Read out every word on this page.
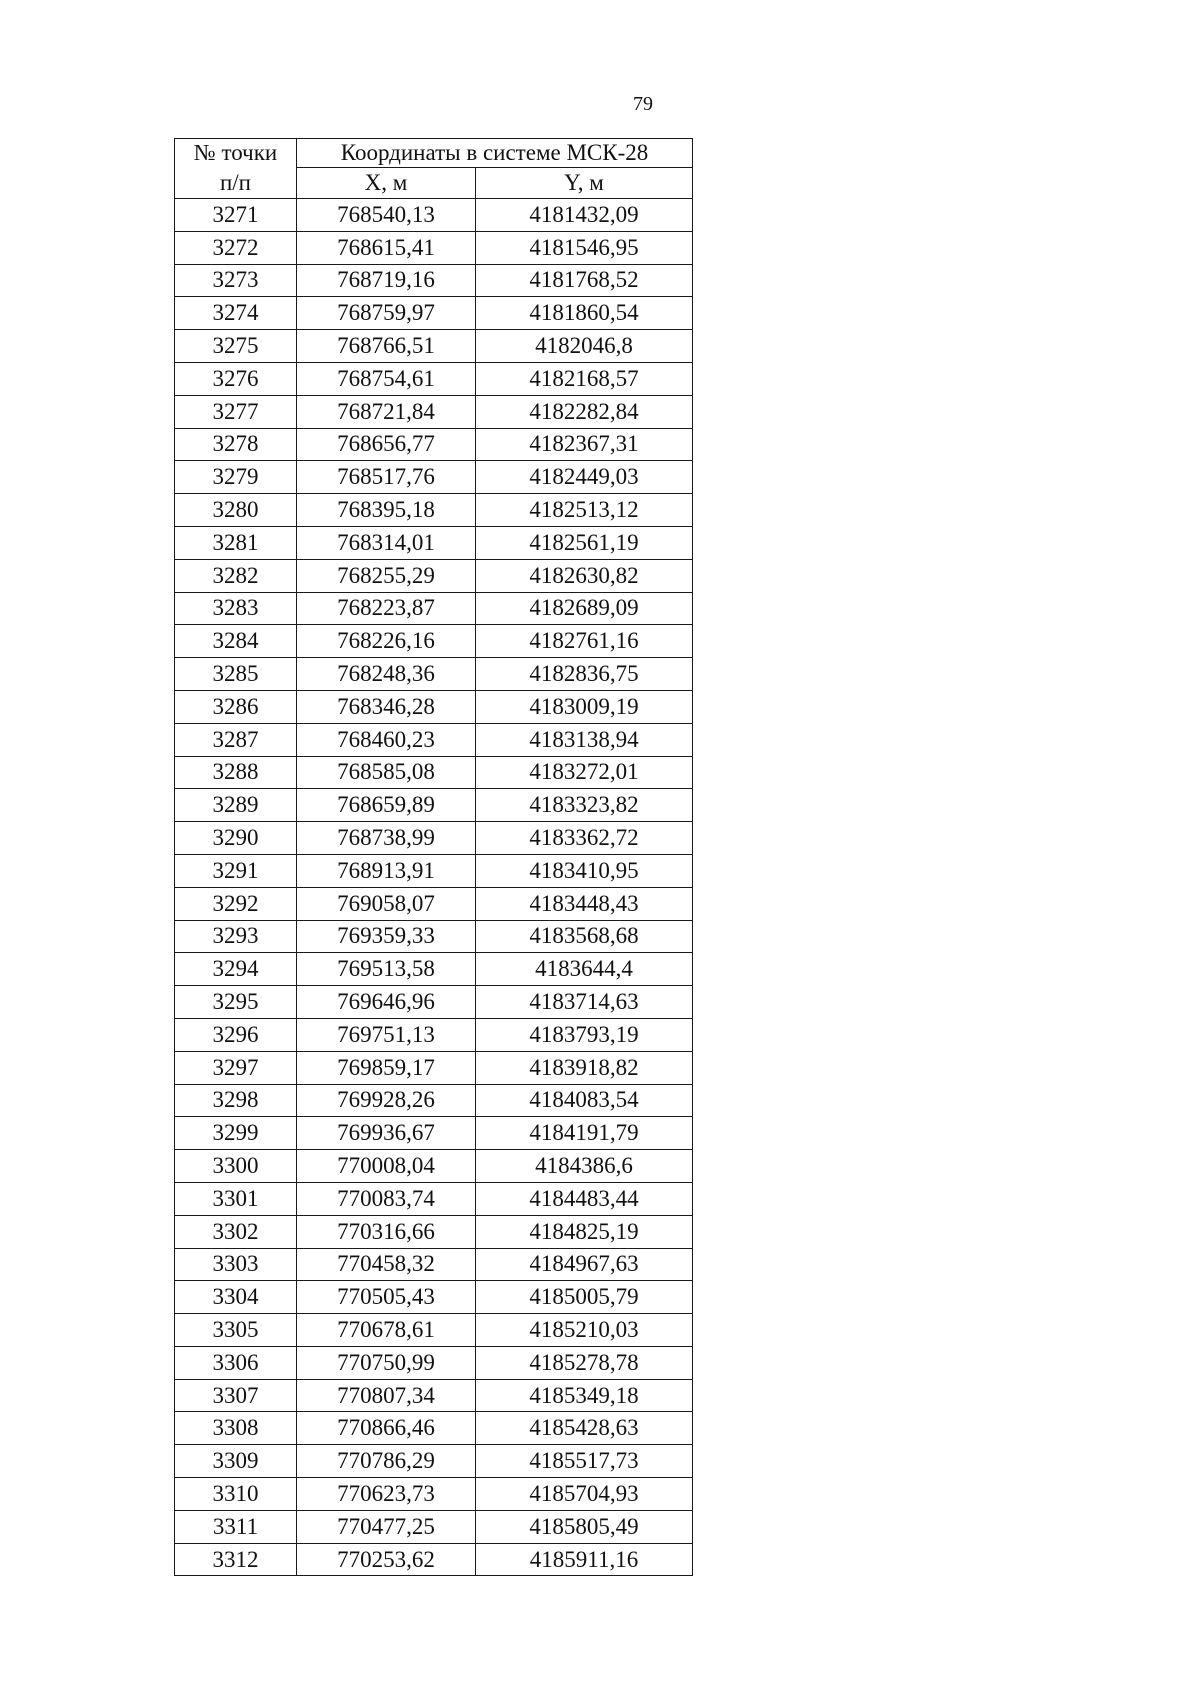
79
№ точки	Координаты в системе МСК-28	
п/п	X, м	Y, м
3271	768540,13	4181432,09
3272	768615,41	4181546,95
3273	768719,16	4181768,52
3274	768759,97	4181860,54
3275	768766,51	4182046,8
3276	768754,61	4182168,57
3277	768721,84	4182282,84
3278	768656,77	4182367,31
3279	768517,76	4182449,03
3280	768395,18	4182513,12
3281	768314,01	4182561,19
3282	768255,29	4182630,82
3283	768223,87	4182689,09
3284	768226,16	4182761,16
3285	768248,36	4182836,75
3286	768346,28	4183009,19
3287	768460,23	4183138,94
3288	768585,08	4183272,01
3289	768659,89	4183323,82
3290	768738,99	4183362,72
3291	768913,91	4183410,95
3292	769058,07	4183448,43
3293	769359,33	4183568,68
3294	769513,58	4183644,4
3295	769646,96	4183714,63
3296	769751,13	4183793,19
3297	769859,17	4183918,82
3298	769928,26	4184083,54
3299	769936,67	4184191,79
3300	770008,04	4184386,6
3301	770083,74	4184483,44
3302	770316,66	4184825,19
3303	770458,32	4184967,63
3304	770505,43	4185005,79
3305	770678,61	4185210,03
3306	770750,99	4185278,78
3307	770807,34	4185349,18
3308	770866,46	4185428,63
3309	770786,29	4185517,73
3310	770623,73	4185704,93
3311	770477,25	4185805,49
3312	770253,62	4185911,16
